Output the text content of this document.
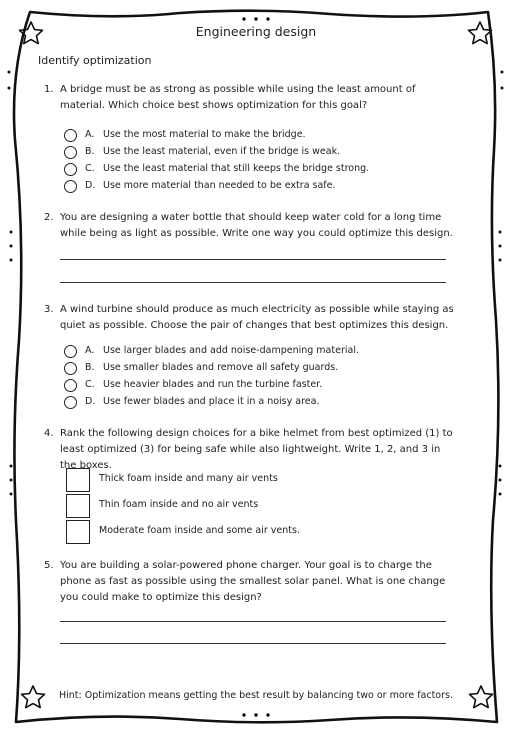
Engineering design
Identify optimization
1. A bridge must be as strong as possible while using the least amount of material. Which choice best shows optimization for this goal?
A. Use the most material to make the bridge.
B. Use the least material, even if the bridge is weak.
C. Use the least material that still keeps the bridge strong.
D. Use more material than needed to be extra safe.
2. You are designing a water bottle that should keep water cold for a long time while being as light as possible. Write one way you could optimize this design.
3. A wind turbine should produce as much electricity as possible while staying as quiet as possible. Choose the pair of changes that best optimizes this design.
A. Use larger blades and add noise-dampening material.
B. Use smaller blades and remove all safety guards.
C. Use heavier blades and run the turbine faster.
D. Use fewer blades and place it in a noisy area.
4. Rank the following design choices for a bike helmet from best optimized (1) to least optimized (3) for being safe while also lightweight. Write 1, 2, and 3 in the boxes.
Thick foam inside and many air vents
Thin foam inside and no air vents
Moderate foam inside and some air vents.
5. You are building a solar-powered phone charger. Your goal is to charge the phone as fast as possible using the smallest solar panel. What is one change you could make to optimize this design?
Hint: Optimization means getting the best result by balancing two or more factors.
